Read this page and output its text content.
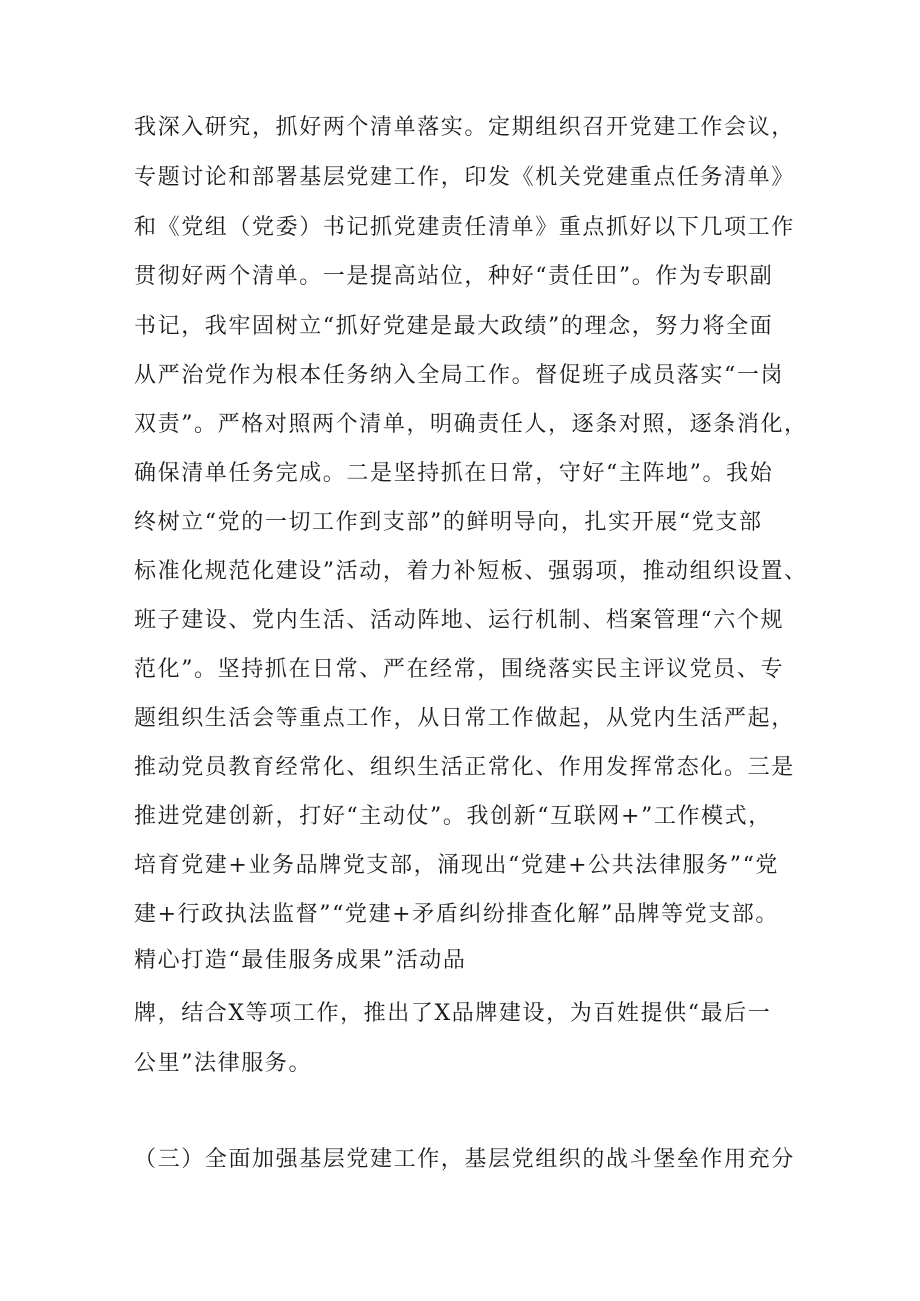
我深入研究，抓好两个清单落实。定期组织召开党建工作会议，
专题讨论和部署基层党建工作，印发《机关党建重点任务清单》
和《党组（党委）书记抓党建责任清单》重点抓好以下几项工作
贯彻好两个清单。一是提高站位，种好“责任田”。作为专职副
书记，我牢固树立“抓好党建是最大政绩”的理念，努力将全面
从严治党作为根本任务纳入全局工作。督促班子成员落实“一岗
双责”。严格对照两个清单，明确责任人，逐条对照，逐条消化，
确保清单任务完成。二是坚持抓在日常，守好“主阵地”。我始
终树立“党的一切工作到支部”的鲜明导向，扎实开展“党支部
标准化规范化建设”活动，着力补短板、强弱项，推动组织设置、
班子建设、党内生活、活动阵地、运行机制、档案管理“六个规
范化”。坚持抓在日常、严在经常，围绕落实民主评议党员、专
题组织生活会等重点工作，从日常工作做起，从党内生活严起，
推动党员教育经常化、组织生活正常化、作用发挥常态化。三是
推进党建创新，打好“主动仗”。我创新“互联网+”工作模式，
培育党建+业务品牌党支部，涌现出“党建+公共法律服务”“党
建+行政执法监督”“党建+矛盾纠纷排查化解”品牌等党支部。
精心打造“最佳服务成果”活动品
牌，结合X等项工作，推出了X品牌建设，为百姓提供“最后一
公里”法律服务。
（三）全面加强基层党建工作，基层党组织的战斗堡垒作用充分
